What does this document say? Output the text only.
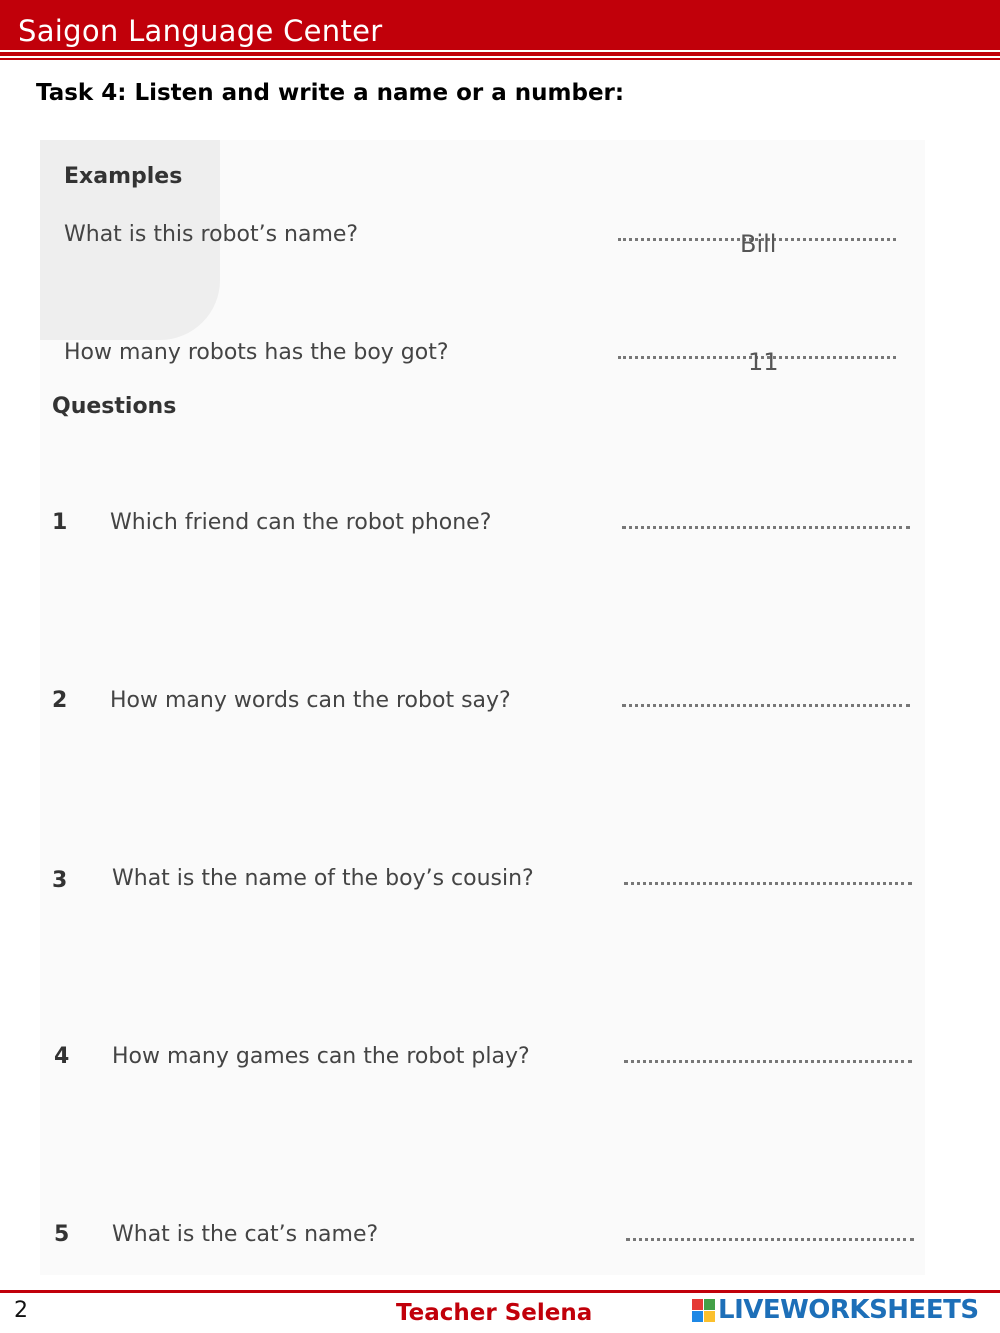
Saigon Language Center
Task 4: Listen and write a name or a number:
Examples
What is this robot’s name?	Bill
How many robots has the boy got?	11
Questions
1 Which friend can the robot phone?
2 How many words can the robot say?
3 What is the name of the boy’s cousin?
4 How many games can the robot play?
5 What is the cat’s name?
2	Teacher Selena	LIVEWORKSHEETS
